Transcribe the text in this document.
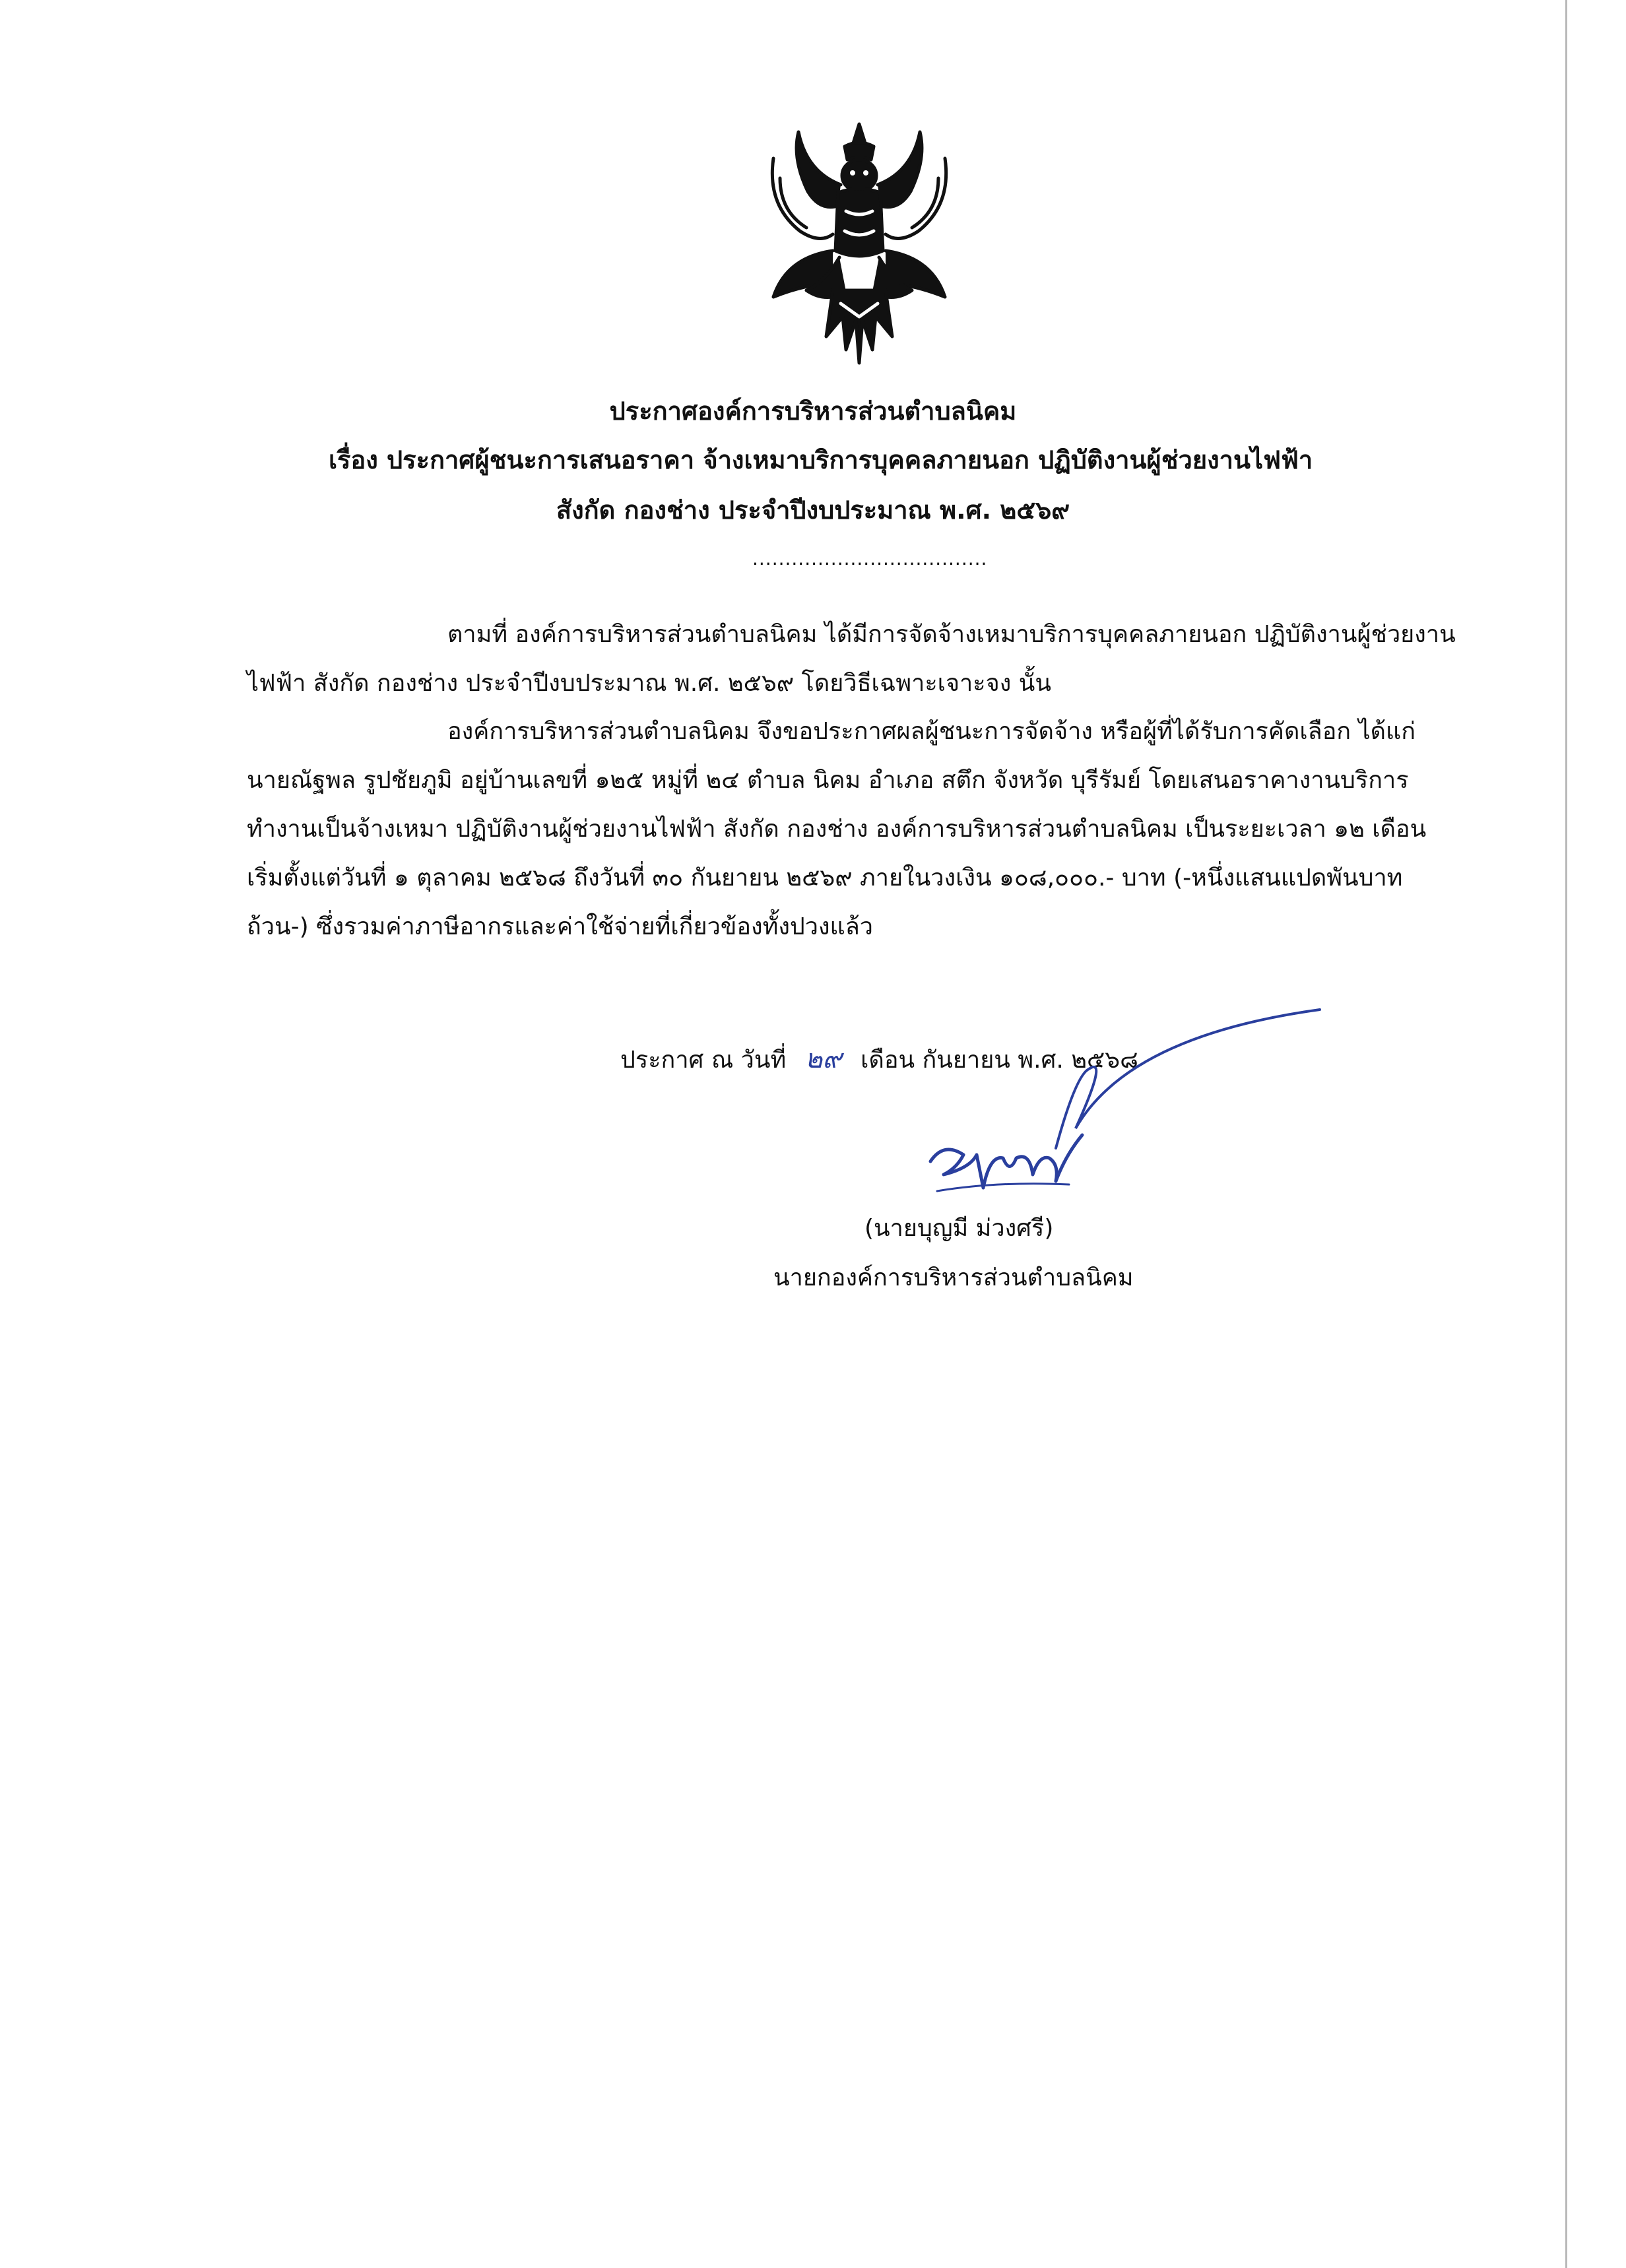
ประกาศองค์การบริหารส่วนตำบลนิคม
เรื่อง ประกาศผู้ชนะการเสนอราคา จ้างเหมาบริการบุคคลภายนอก ปฏิบัติงานผู้ช่วยงานไฟฟ้า
สังกัด กองช่าง ประจำปีงบประมาณ พ.ศ. ๒๕๖๙
....................................
ตามที่ องค์การบริหารส่วนตำบลนิคม ได้มีการจัดจ้างเหมาบริการบุคคลภายนอก ปฏิบัติงานผู้ช่วยงานไฟฟ้า สังกัด กองช่าง ประจำปีงบประมาณ พ.ศ. ๒๕๖๙ โดยวิธีเฉพาะเจาะจง นั้น
องค์การบริหารส่วนตำบลนิคม จึงขอประกาศผลผู้ชนะการจัดจ้าง หรือผู้ที่ได้รับการคัดเลือก ได้แก่ นายณัฐพล รูปชัยภูมิ อยู่บ้านเลขที่ ๑๒๕ หมู่ที่ ๒๔ ตำบล นิคม อำเภอ สตึก จังหวัด บุรีรัมย์ โดยเสนอราคางานบริการทำงานเป็นจ้างเหมา ปฏิบัติงานผู้ช่วยงานไฟฟ้า สังกัด กองช่าง องค์การบริหารส่วนตำบลนิคม เป็นระยะเวลา ๑๒ เดือน เริ่มตั้งแต่วันที่ ๑ ตุลาคม ๒๕๖๘ ถึงวันที่ ๓๐ กันยายน ๒๕๖๙ ภายในวงเงิน ๑๐๘,๐๐๐.- บาท (-หนึ่งแสนแปดพันบาทถ้วน-) ซึ่งรวมค่าภาษีอากรและค่าใช้จ่ายที่เกี่ยวข้องทั้งปวงแล้ว
ประกาศ ณ วันที่ ๒๙ เดือน กันยายน พ.ศ. ๒๕๖๘
(นายบุญมี ม่วงศรี)
นายกองค์การบริหารส่วนตำบลนิคม
